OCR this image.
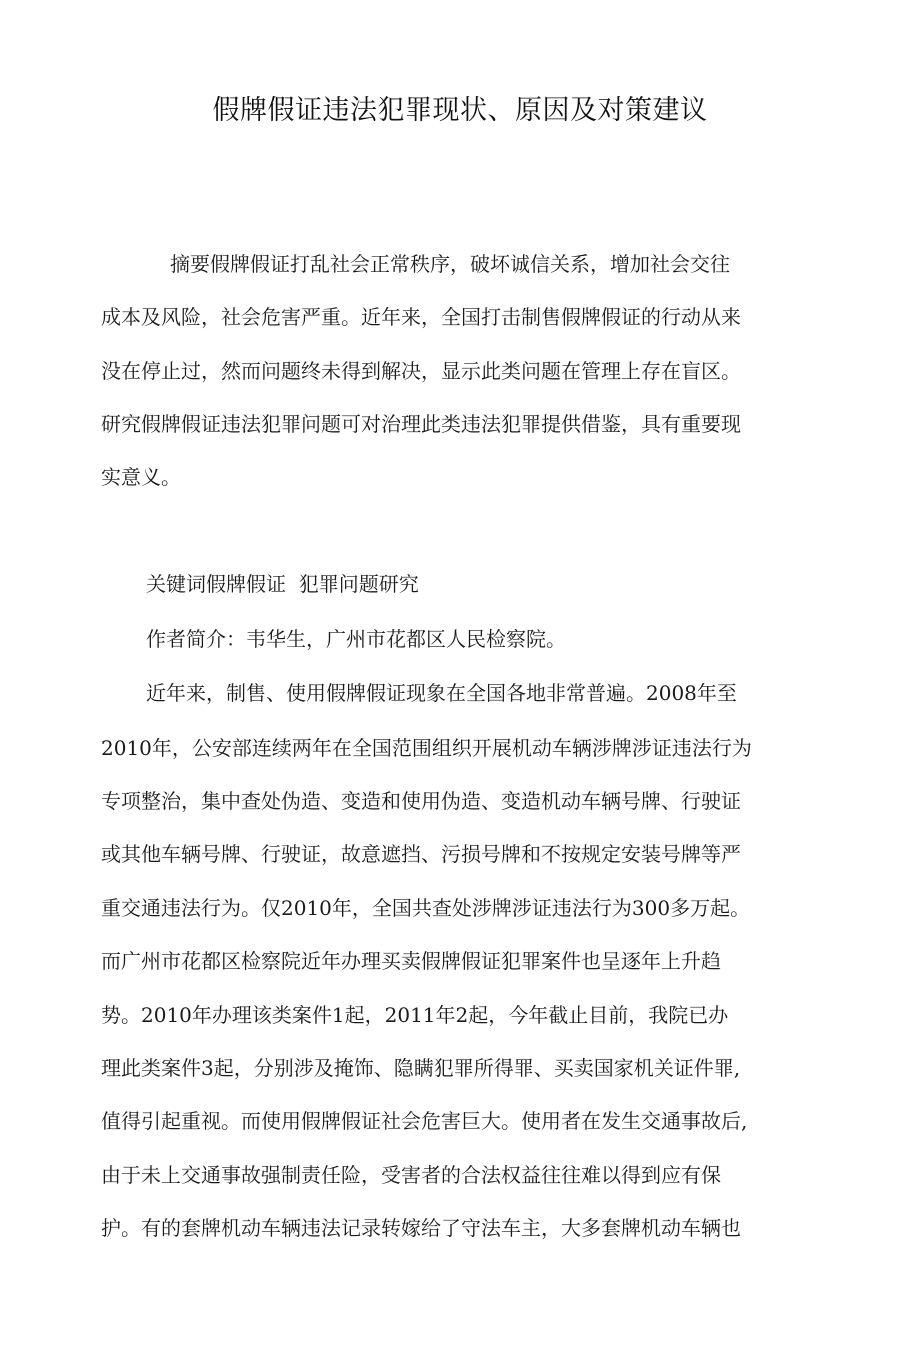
假牌假证违法犯罪现状、原因及对策建议
摘要假牌假证打乱社会正常秩序，破坏诚信关系，增加社会交往
成本及风险，社会危害严重。近年来，全国打击制售假牌假证的行动从来
没在停止过，然而问题终未得到解决，显示此类问题在管理上存在盲区。
研究假牌假证违法犯罪问题可对治理此类违法犯罪提供借鉴，具有重要现
实意义。
关键词假牌假证  犯罪问题研究
作者简介：韦华生，广州市花都区人民检察院。
近年来，制售、使用假牌假证现象在全国各地非常普遍。2008年至
2010年，公安部连续两年在全国范围组织开展机动车辆涉牌涉证违法行为
专项整治，集中查处伪造、变造和使用伪造、变造机动车辆号牌、行驶证
或其他车辆号牌、行驶证，故意遮挡、污损号牌和不按规定安装号牌等严
重交通违法行为。仅2010年，全国共查处涉牌涉证违法行为300多万起。
而广州市花都区检察院近年办理买卖假牌假证犯罪案件也呈逐年上升趋
势。2010年办理该类案件1起，2011年2起，今年截止目前，我院已办
理此类案件3起，分别涉及掩饰、隐瞒犯罪所得罪、买卖国家机关证件罪,
值得引起重视。而使用假牌假证社会危害巨大。使用者在发生交通事故后,
由于未上交通事故强制责任险，受害者的合法权益往往难以得到应有保
护。有的套牌机动车辆违法记录转嫁给了守法车主，大多套牌机动车辆也
